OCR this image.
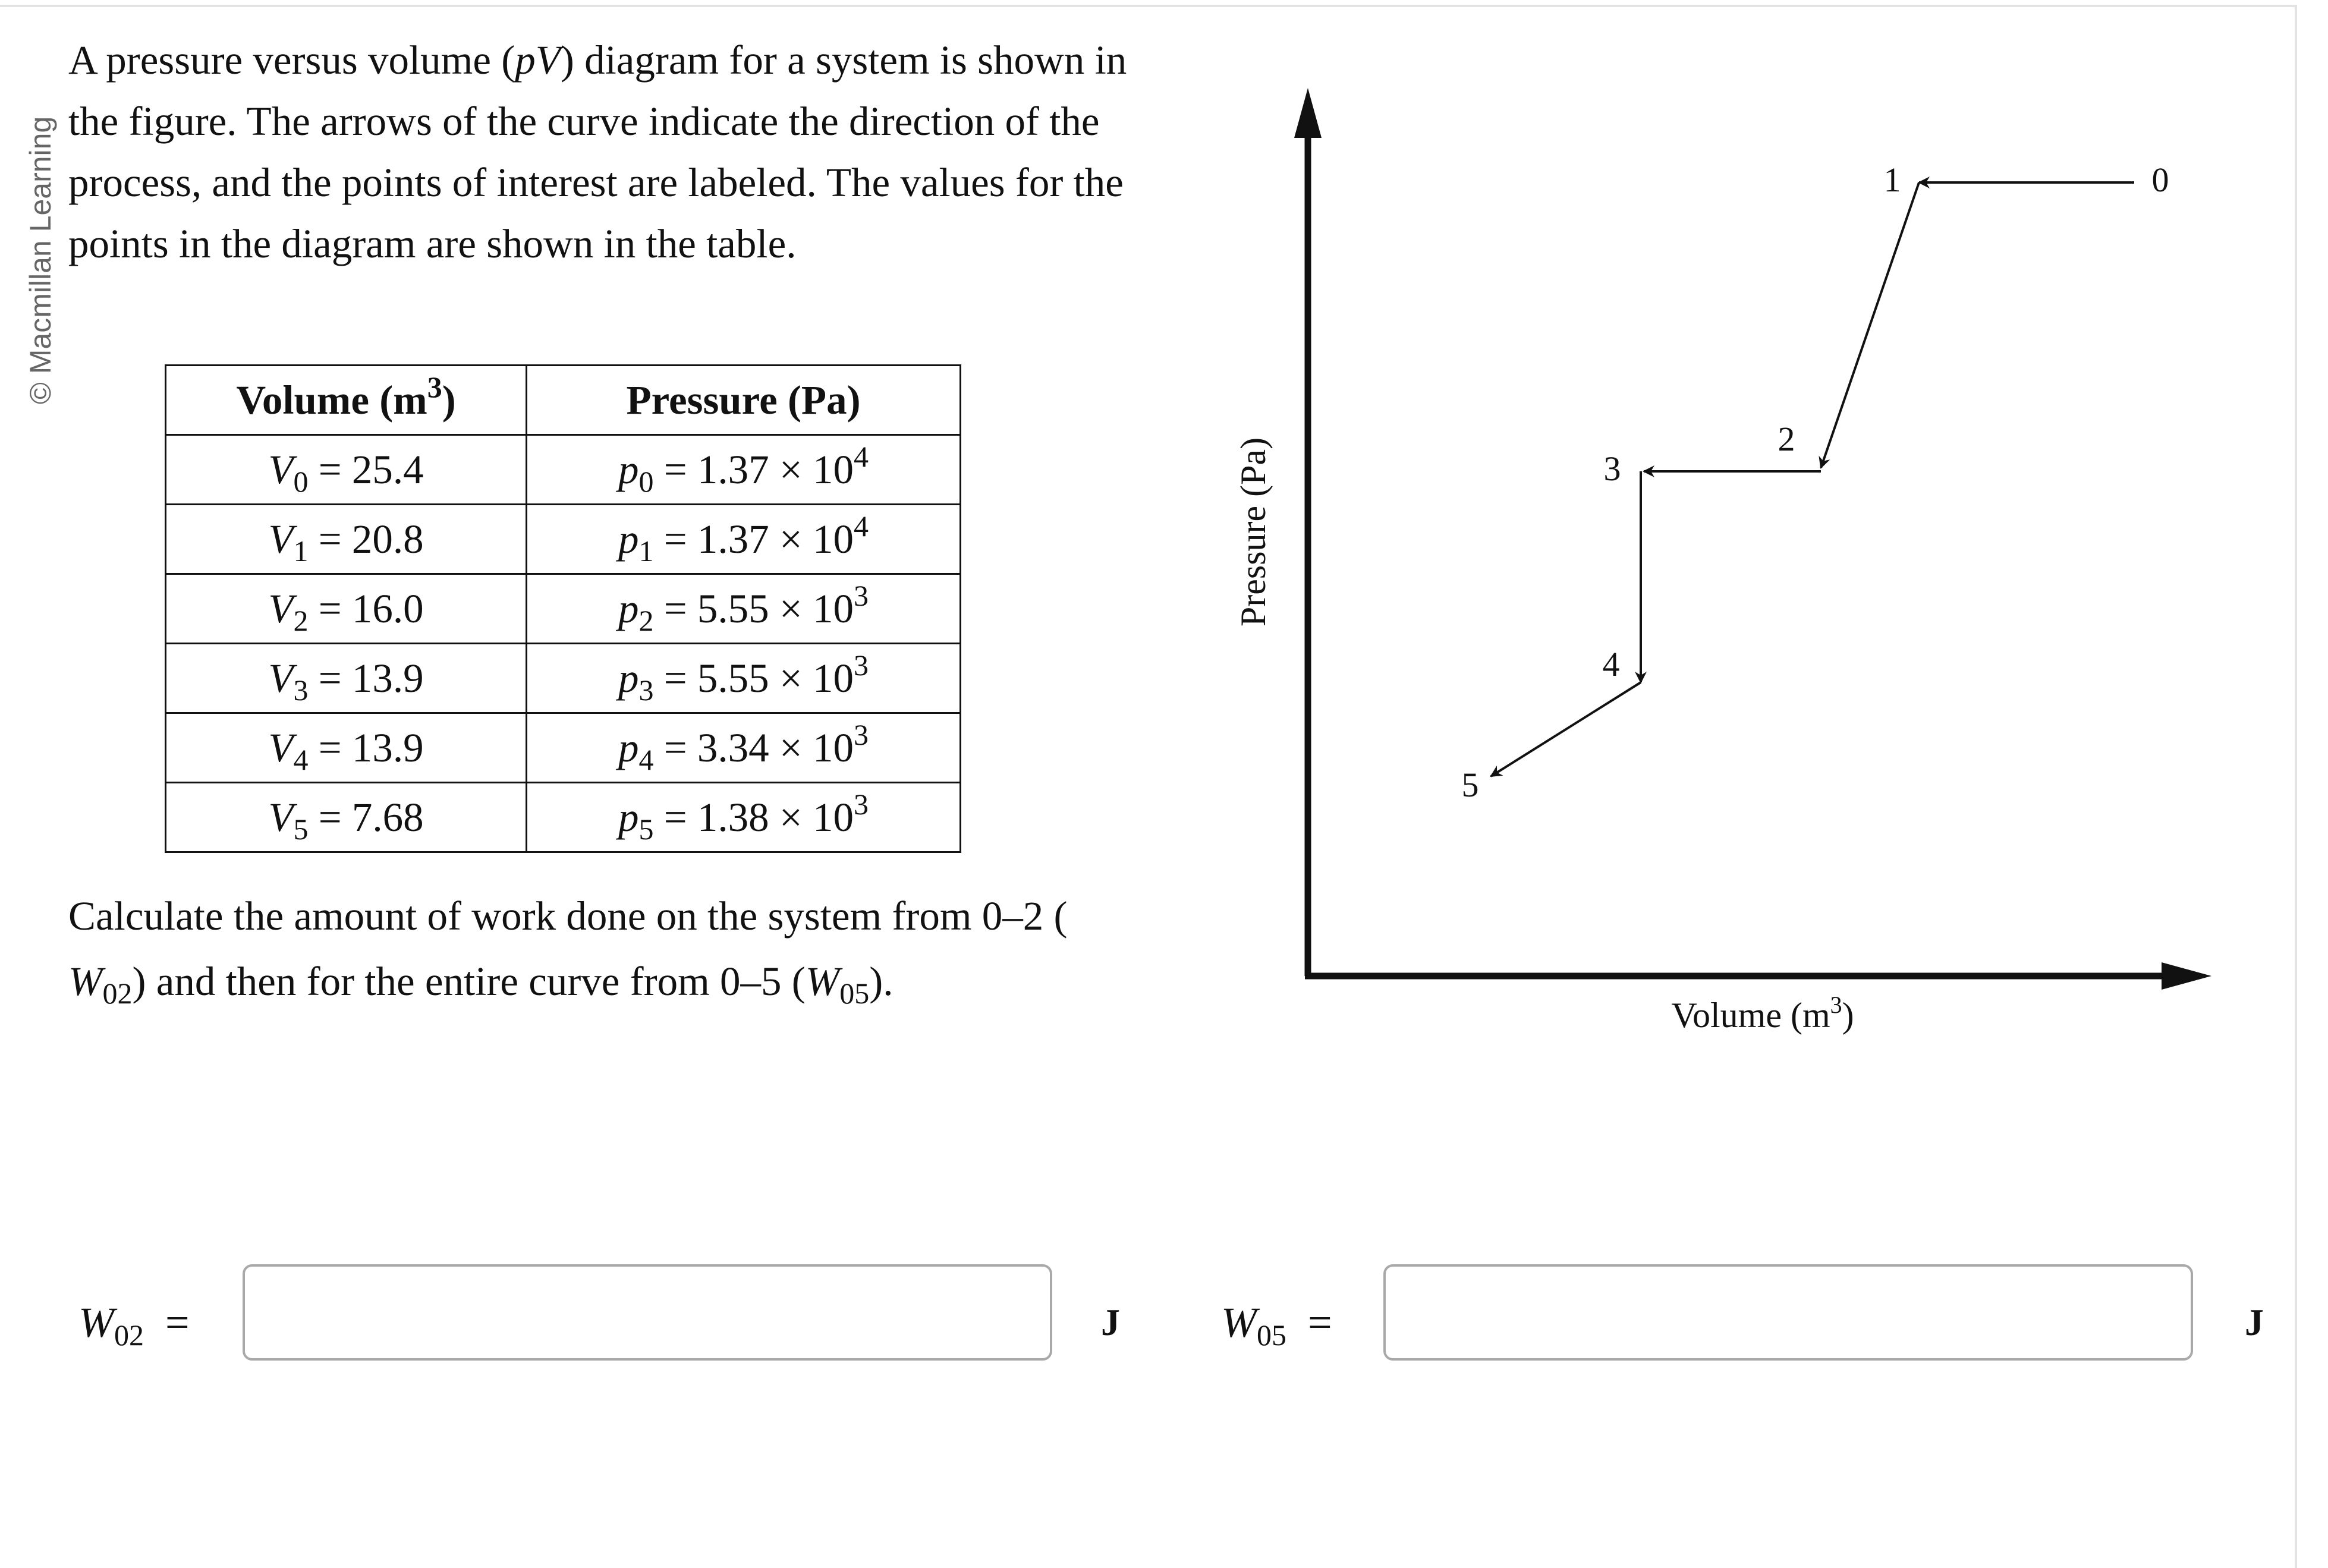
© Macmillan Learning

A pressure versus volume (pV) diagram for a system is shown in the figure. The arrows of the curve indicate the direction of the process, and the points of interest are labeled. The values for the points in the diagram are shown in the table.

Volume $(m^3)$	Pressure (Pa)
$V_0 = 25.4$	$p_0 = 1.37 \times 10^4$
$V_1 = 20.8$	$p_1 = 1.37 \times 10^4$
$V_2 = 16.0$	$p_2 = 5.55 \times 10^3$
$V_3 = 13.9$	$p_3 = 5.55 \times 10^3$
$V_4 = 13.9$	$p_4 = 3.34 \times 10^3$
$V_5 = 7.68$	$p_5 = 1.38 \times 10^3$

Calculate the amount of work done on the system from 0–2 (
$W_{02}$) and then for the entire curve from 0–5 $(W_{05})$.

W02 =	J W05 =	J
0
1
2
3
4
5
Pressure (Pa)
Volume $(m^3)$
